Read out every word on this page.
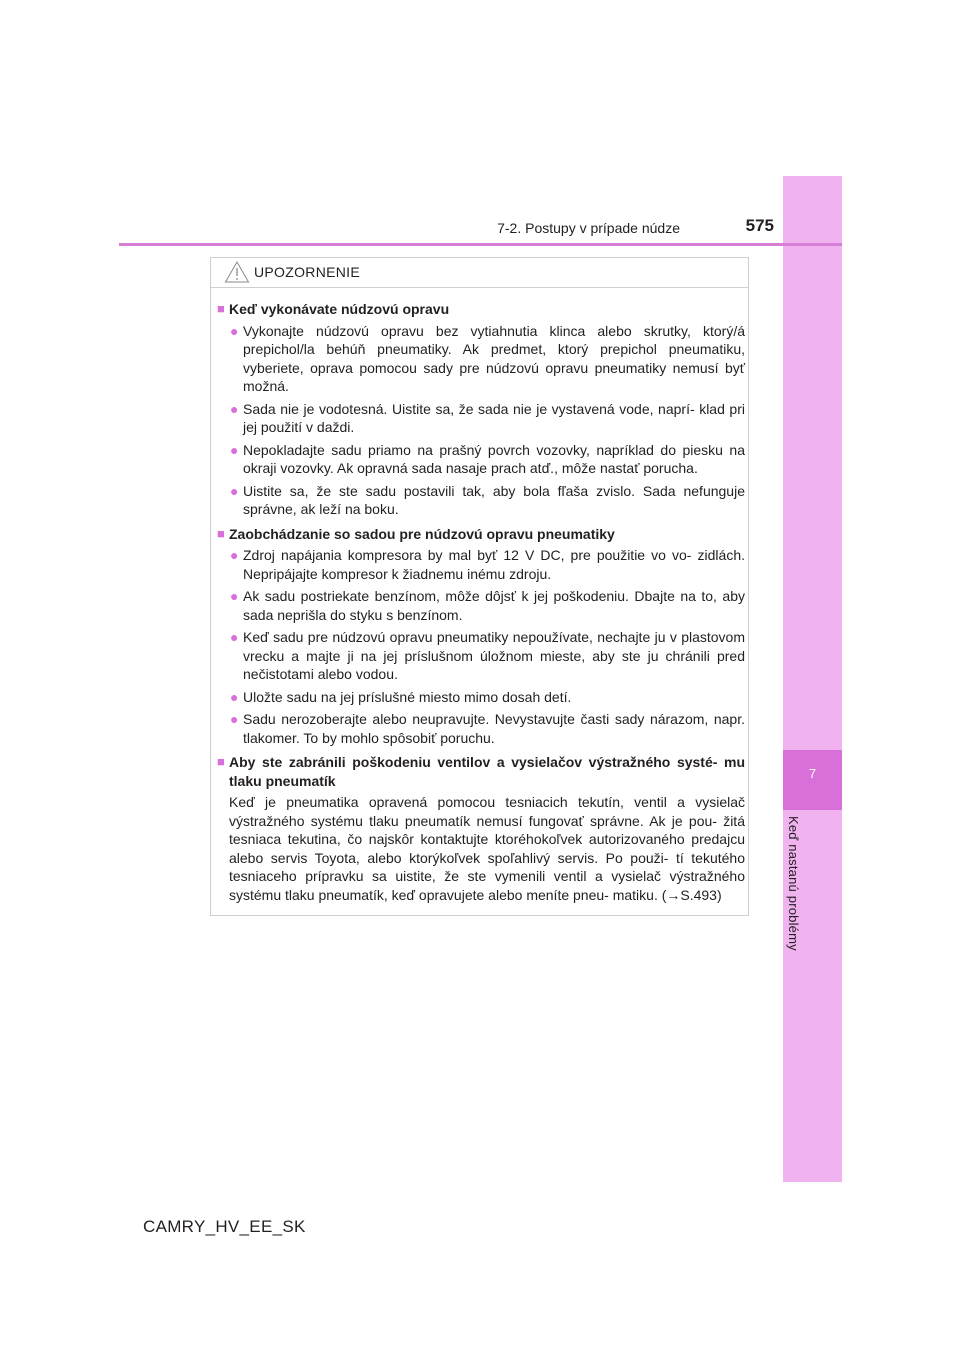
7
Keď nastanú problémy
7-2. Postupy v prípade núdze	575
UPOZORNENIE
■ Keď vykonávate núdzovú opravu
● Vykonajte núdzovú opravu bez vytiahnutia klinca alebo skrutky, ktorý/á prepichol/la behúň pneumatiky. Ak predmet, ktorý prepichol pneumatiku, vyberiete, oprava pomocou sady pre núdzovú opravu pneumatiky nemusí byť možná.
● Sada nie je vodotesná. Uistite sa, že sada nie je vystavená vode, naprí- klad pri jej použití v daždi.
● Nepokladajte sadu priamo na prašný povrch vozovky, napríklad do piesku na okraji vozovky. Ak opravná sada nasaje prach atď., môže nastať porucha.
● Uistite sa, že ste sadu postavili tak, aby bola fľaša zvislo. Sada nefunguje správne, ak leží na boku.
■ Zaobchádzanie so sadou pre núdzovú opravu pneumatiky
● Zdroj napájania kompresora by mal byť 12 V DC, pre použitie vo vo- zidlách. Nepripájajte kompresor k žiadnemu inému zdroju.
● Ak sadu postriekate benzínom, môže dôjsť k jej poškodeniu. Dbajte na to, aby sada neprišla do styku s benzínom.
● Keď sadu pre núdzovú opravu pneumatiky nepoužívate, nechajte ju v plastovom vrecku a majte ji na jej príslušnom úložnom mieste, aby ste ju chránili pred nečistotami alebo vodou.
● Uložte sadu na jej príslušné miesto mimo dosah detí.
● Sadu nerozoberajte alebo neupravujte. Nevystavujte časti sady nárazom, napr. tlakomer. To by mohlo spôsobiť poruchu.
■ Aby ste zabránili poškodeniu ventilov a vysielačov výstražného systé- mu tlaku pneumatík
Keď je pneumatika opravená pomocou tesniacich tekutín, ventil a vysielač výstražného systému tlaku pneumatík nemusí fungovať správne. Ak je pou- žitá tesniaca tekutina, čo najskôr kontaktujte ktoréhokoľvek autorizovaného predajcu alebo servis Toyota, alebo ktorýkoľvek spoľahlivý servis. Po použi- tí tekutého tesniaceho prípravku sa uistite, že ste vymenili ventil a vysielač výstražného systému tlaku pneumatík, keď opravujete alebo meníte pneu- matiku. (→S.493)
CAMRY_HV_EE_SK
